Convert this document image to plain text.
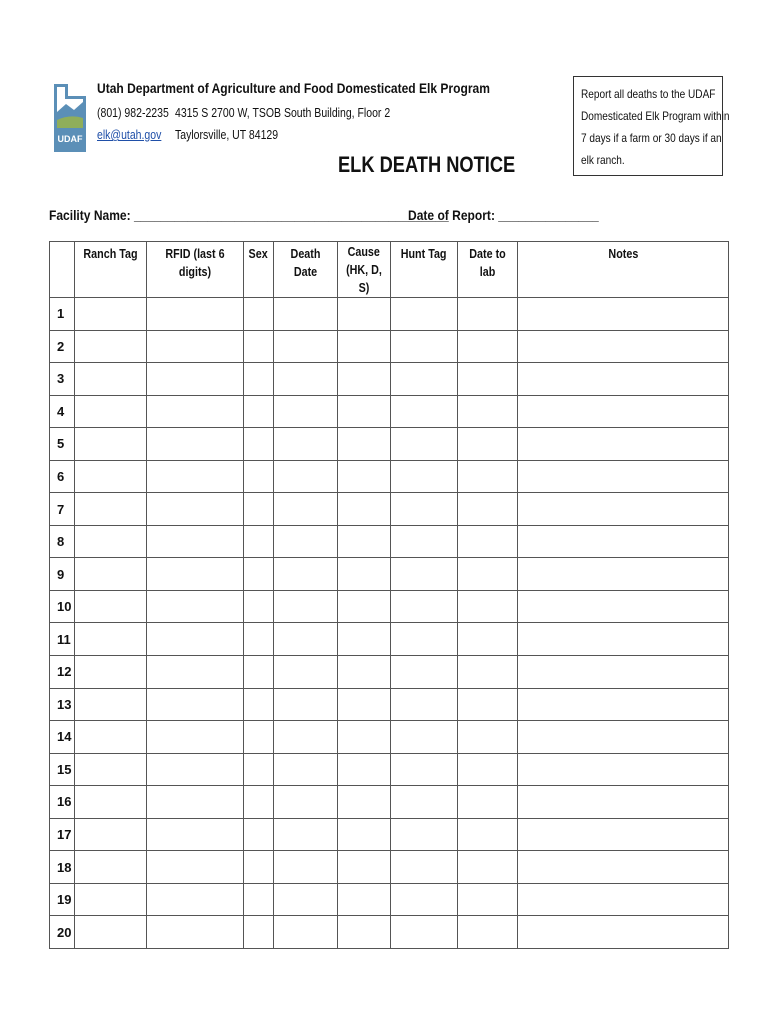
UDAF
Utah Department of Agriculture and Food Domesticated Elk Program
(801) 982-2235 4315 S 2700 W, TSOB South Building, Floor 2
elk@utah.gov Taylorsville, UT 84129
Report all deaths to the UDAF
Domesticated Elk Program within
7 days if a farm or 30 days if an
elk ranch.
ELK DEATH NOTICE
Facility Name: _______________________________________________
Date of Report: _______________
	Ranch Tag	RFID (last 6 digits)	Sex	Death Date	Cause
(HK, D, S)	Hunt Tag	Date to lab	Notes
1								
2								
3								
4								
5								
6								
7								
8								
9								
10								
11								
12								
13								
14								
15								
16								
17								
18								
19								
20								
